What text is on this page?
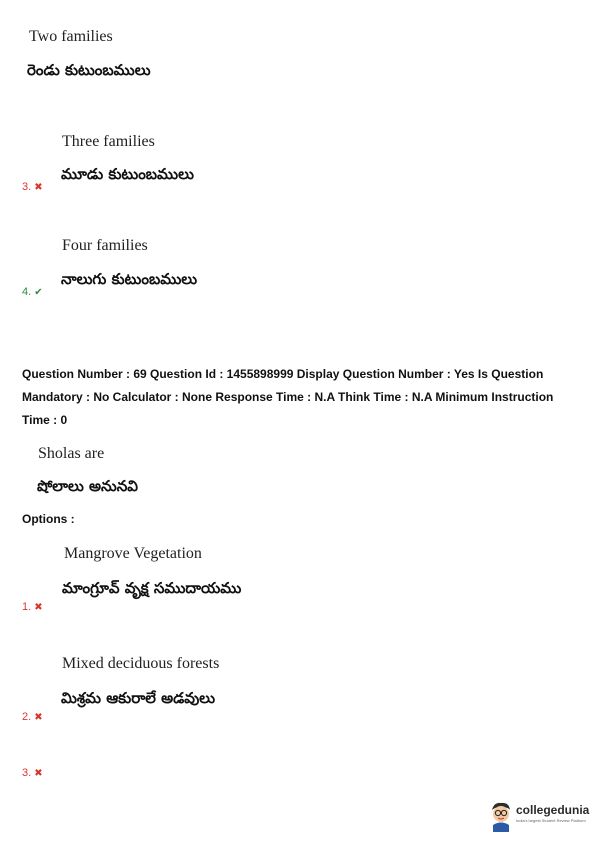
Two families
రెండు కుటుంబములు
Three families
మూడు కుటుంబములు
3. ✖
Four families
నాలుగు కుటుంబములు
4. ✔
Question Number : 69 Question Id : 1455898999 Display Question Number : Yes Is Question Mandatory : No Calculator : None Response Time : N.A Think Time : N.A Minimum Instruction Time : 0
Sholas are
షోలాలు అనునవి
Options :
Mangrove Vegetation
మాంగ్రూవ్ వృక్ష సముదాయము
1. ✖
Mixed deciduous forests
మిశ్రమ ఆకురాలే అడవులు
2. ✖
3. ✖
collegedunia
India's largest Student Review Platform
